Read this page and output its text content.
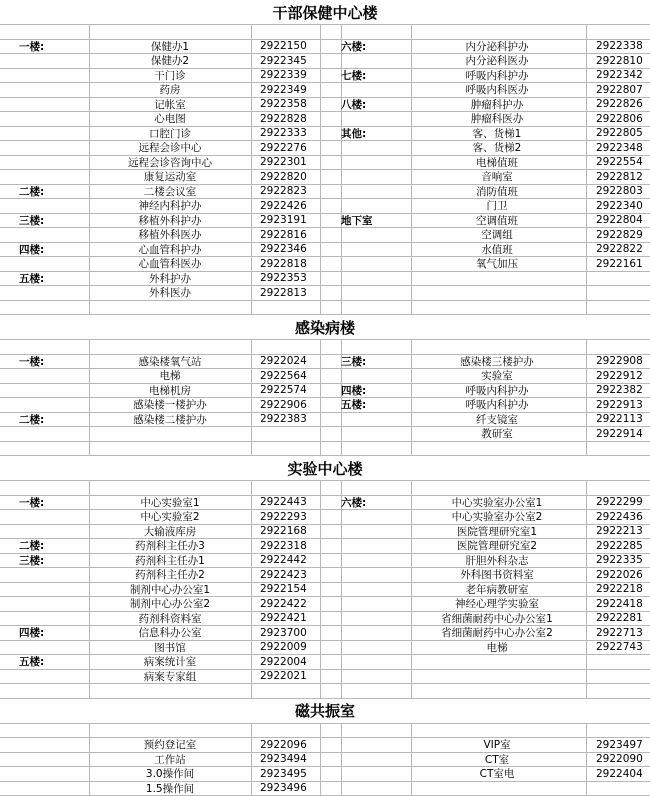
干部保健中心楼
一楼:	保健办1	2922150	六楼:	内分泌科护办	2922338
保健办2	2922345	内分泌科医办	2922810
干门诊	2922339	七楼:	呼吸内科护办	2922342
药房	2922349	呼吸内科医办	2922807
记帐室	2922358	八楼:	肿瘤科护办	2922826
心电图	2922828	肿瘤科医办	2922806
口腔门诊	2922333	其他:	客、货梯1	2922805
远程会诊中心	2922276	客、货梯2	2922348
远程会诊咨询中心	2922301	电梯值班	2922554
康复运动室	2922820	音响室	2922812
二楼:	二楼会议室	2922823	消防值班	2922803
神经内科护办	2922426	门卫	2922340
三楼:	移植外科护办	2923191	地下室	空调值班	2922804
移植外科医办	2922816	空调组	2922829
四楼:	心血管科护办	2922346	水值班	2922822
心血管科医办	2922818	氧气加压	2922161
五楼:	外科护办	2922353
外科医办	2922813
感染病楼
一楼:	感染楼氧气站	2922024	三楼:	感染楼三楼护办	2922908
电梯	2922564	实验室	2922912
电梯机房	2922574	四楼:	呼吸内科护办	2922382
感染楼一楼护办	2922906	五楼:	呼吸内科护办	2922913
二楼:	感染楼二楼护办	2922383	纤支镜室	2922113
教研室	2922914
实验中心楼
一楼:	中心实验室1	2922443	六楼:	中心实验室办公室1	2922299
中心实验室2	2922293	中心实验室办公室2	2922436
大输液库房	2922168	医院管理研究室1	2922213
二楼:	药剂科主任办3	2922318	医院管理研究室2	2922285
三楼:	药剂科主任办1	2922442	肝胆外科杂志	2922335
药剂科主任办2	2922423	外科图书资料室	2922026
制剂中心办公室1	2922154	老年病教研室	2922218
制剂中心办公室2	2922422	神经心理学实验室	2922418
药剂科资料室	2922421	省细菌耐药中心办公室1	2922281
四楼:	信息科办公室	2923700	省细菌耐药中心办公室2	2922713
图书馆	2922009	电梯	2922743
五楼:	病案统计室	2922004
病案专家组	2922021
磁共振室
预约登记室	2922096	VIP室	2923497
工作站	2923494	CT室	2922090
3.0操作间	2923495	CT室电	2922404
1.5操作间	2923496
